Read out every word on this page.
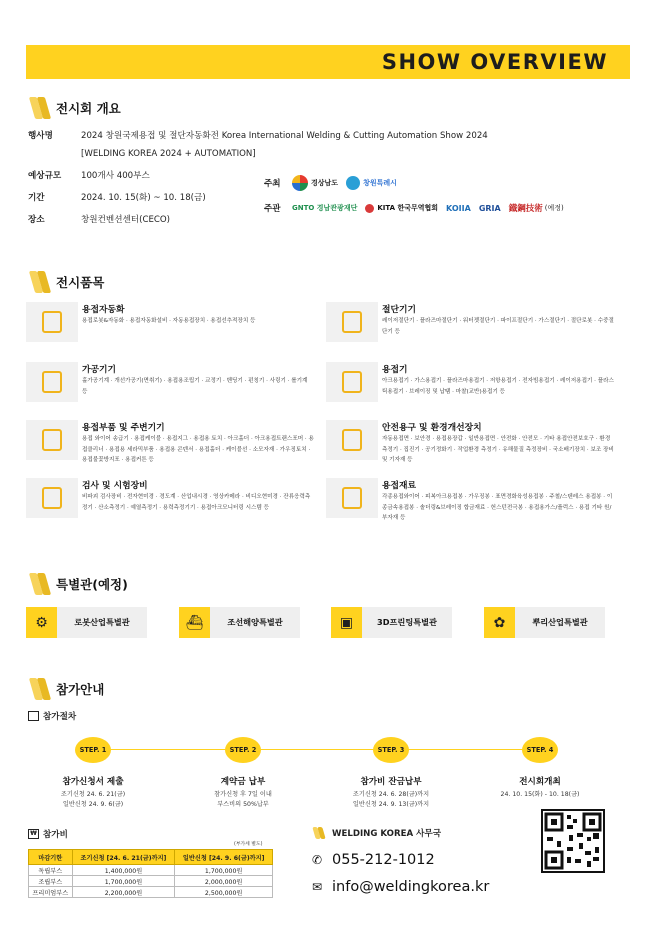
SHOW OVERVIEW
전시회 개요
행사명	2024 창원국제용접 및 절단자동화전 Korea International Welding & Cutting Automation Show 2024
[WELDING KOREA 2024 + AUTOMATION]
예상규모	100개사 400부스
기간	2024. 10. 15(화) ~ 10. 18(금)
장소	창원컨벤션센터(CECO)
주최	경상남도	창원특례시
주관	GNTO 경남관광재단	KITA 한국무역협회 KOIIA GRIA 鐵鋼技術 (예정)
전시품목
용접자동화
용접로봇&자동화 · 용접자동화설비 · 자동용접장치 · 용접선추적장치 등
절단기기
레이저절단기 · 플라즈마절단기 · 워터젯절단기 · 파이프절단기 · 가스절단기 · 절단로봇 · 수중절단기 등
가공기기
홀가공기계 · 개선가공기(면취기) · 용접용조립기 · 교정기 · 벤딩기 · 펀칭기 · 사링기 · 롤기계 등
용접기
아크용접기 · 가스용접기 · 플라즈마용접기 · 저항용접기 · 전자빔용접기 · 레이저용접기 · 플라스틱용접기 · 브레이징 및 납땜 · 마찰(교반)용접기 등
용접부품 및 주변기기
용접 와이어 송급기 · 용접케이블 · 용접지그 · 용접용 토치 · 아크홀더 · 아크용접트랜스포머 · 용접클리너 · 용접용 세라믹부품 · 용접용 콘덴서 · 용접홀더 · 케이블선 · 소모자재 · 가우징토치 · 용접불꽃방지포 · 용접커튼 등
안전용구 및 환경개선장치
자동용접면 · 보안경 · 용접용장갑 · 일반용접면 · 안전화 · 안전모 · 기타 용접안전보호구 · 환경측정기 · 집진기 · 공기정화기 · 작업환경 측정기 · 유해물질 측정장비 · 국소배기장치 · 보조 장비 및 기자재 등
검사 및 시험장비
비파괴 검사장비 · 전자현미경 · 경도계 · 산업내시경 · 영상카메라 · 비디오현미경 · 잔류응력측정기 · 산소측정기 · 예열측정기 · 용력측정기기 · 용접아크모니터링 시스템 등
용접재료
각종용접와이어 · 피복아크용접봉 · 가우징봉 · 표면경화육성용접봉 · 주철/스텐레스 용접봉 · 이종금속용접봉 · 솔더링&브레이징 합금재료 · 헌스턴전극봉 · 용접용가스/플럭스 · 용접 기타 원/부자재 등
특별관(예정)
⚙	로봇산업특별관	⛴	조선해양특별관	▣	3D프린팅특별관	✿	뿌리산업특별관
참가안내
참가절차
STEP. 1
참가신청서 제출
조기신청 24. 6. 21(금)
일반신청 24. 9. 6(금)
STEP. 2
계약금 납부
참가신청 후 7일 이내
부스비의 50%납부
STEP. 3
참가비 잔금납부
조기신청 24. 6. 28(금)까지
일반신청 24. 9. 13(금)까지
STEP. 4
전시회개최
24. 10. 15(화) - 10. 18(금)
₩ 참가비
(부가세 별도)
마감기한	조기신청 [24. 6. 21(금)까지]	일반신청 [24. 9. 6(금)까지]
독립부스	1,400,000원	1,700,000원
조립부스	1,700,000원	2,000,000원
프리미엄부스	2,200,000원	2,500,000원
WELDING KOREA 사무국
✆ 055-212-1012
✉ info@weldingkorea.kr
